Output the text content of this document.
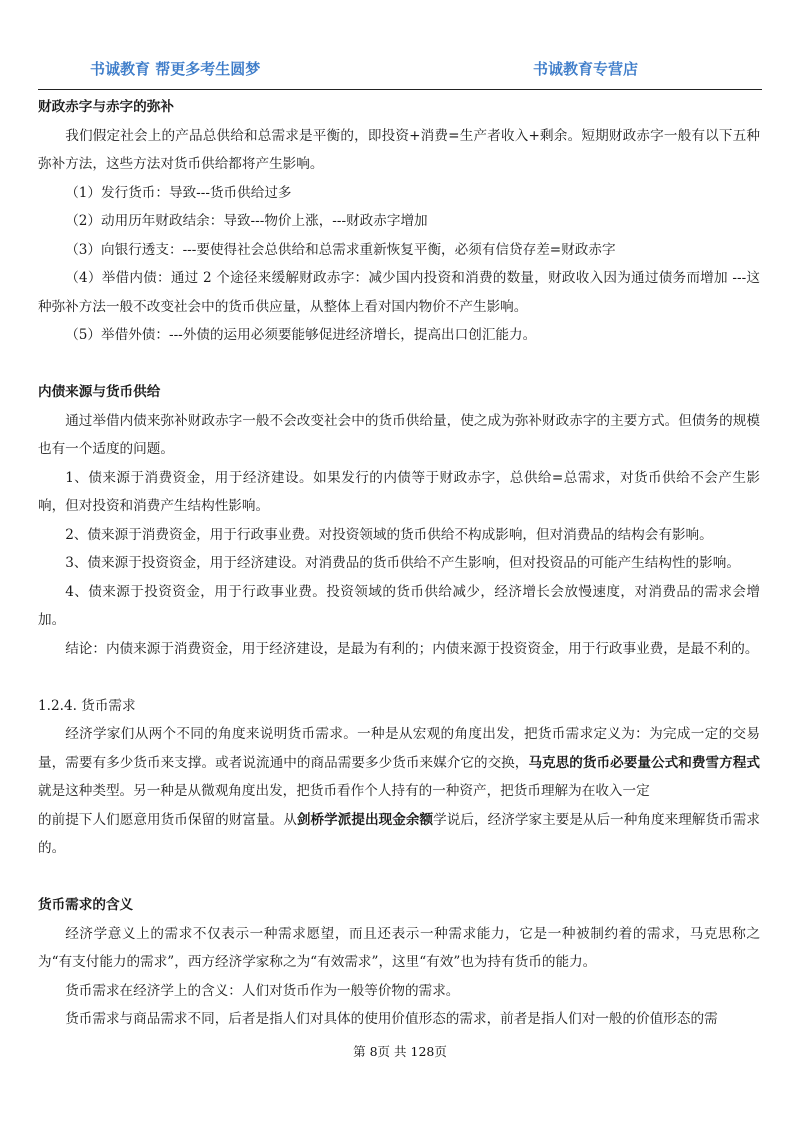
书诚教育 帮更多考生圆梦	书诚教育专营店

财政赤字与赤字的弥补

我们假定社会上的产品总供给和总需求是平衡的，即投资+消费=生产者收入+剩余。短期财政赤字一般有以下五种弥补方法，这些方法对货币供给都将产生影响。

（1）发行货币：导致---货币供给过多

（2）动用历年财政结余：导致---物价上涨，---财政赤字增加

（3）向银行透支：---要使得社会总供给和总需求重新恢复平衡，必须有信贷存差=财政赤字

（4）举借内债：通过 2 个途径来缓解财政赤字：减少国内投资和消费的数量，财政收入因为通过债务而增加 ---这种弥补方法一般不改变社会中的货币供应量，从整体上看对国内物价不产生影响。

（5）举借外债：---外债的运用必须要能够促进经济增长，提高出口创汇能力。

内债来源与货币供给

通过举借内债来弥补财政赤字一般不会改变社会中的货币供给量，使之成为弥补财政赤字的主要方式。但债务的规模也有一个适度的问题。

1、债来源于消费资金，用于经济建设。如果发行的内债等于财政赤字，总供给=总需求，对货币供给不会产生影响，但对投资和消费产生结构性影响。

2、债来源于消费资金，用于行政事业费。对投资领域的货币供给不构成影响，但对消费品的结构会有影响。

3、债来源于投资资金，用于经济建设。对消费品的货币供给不产生影响，但对投资品的可能产生结构性的影响。

4、债来源于投资资金，用于行政事业费。投资领域的货币供给减少，经济增长会放慢速度，对消费品的需求会增加。

结论：内债来源于消费资金，用于经济建设，是最为有利的；内债来源于投资资金，用于行政事业费，是最不利的。

1.2.4. 货币需求

经济学家们从两个不同的角度来说明货币需求。一种是从宏观的角度出发，把货币需求定义为：为完成一定的交易量，需要有多少货币来支撑。或者说流通中的商品需要多少货币来媒介它的交换，马克思的货币必要量公式和费雪方程式就是这种类型。另一种是从微观角度出发，把货币看作个人持有的一种资产，把货币理解为在收入一定

的前提下人们愿意用货币保留的财富量。从剑桥学派提出现金余额学说后，经济学家主要是从后一种角度来理解货币需求的。

货币需求的含义

经济学意义上的需求不仅表示一种需求愿望，而且还表示一种需求能力，它是一种被制约着的需求，马克思称之为“有支付能力的需求”，西方经济学家称之为“有效需求”，这里“有效”也为持有货币的能力。

货币需求在经济学上的含义：人们对货币作为一般等价物的需求。

货币需求与商品需求不同，后者是指人们对具体的使用价值形态的需求，前者是指人们对一般的价值形态的需

第 8页 共 128页
